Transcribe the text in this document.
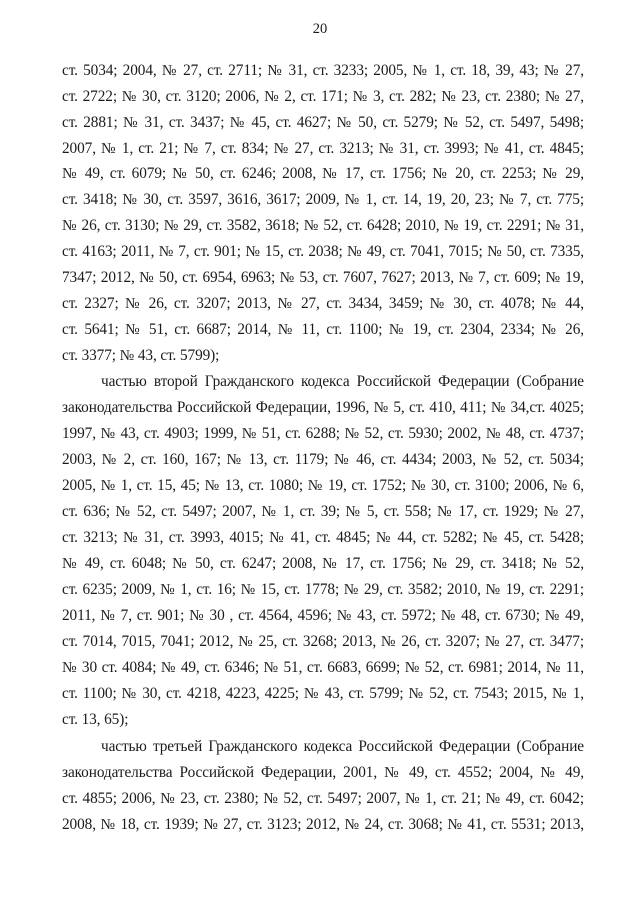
20
ст. 5034; 2004, № 27, ст. 2711; № 31, ст. 3233; 2005, № 1, ст. 18, 39, 43; № 27,
ст. 2722; № 30, ст. 3120; 2006, № 2, ст. 171; № 3, ст. 282; № 23, ст. 2380; № 27,
ст. 2881; № 31, ст. 3437; № 45, ст. 4627; № 50, ст. 5279; № 52, ст. 5497, 5498;
2007, № 1, ст. 21; № 7, ст. 834; № 27, ст. 3213; № 31, ст. 3993; № 41, ст. 4845;
№ 49, ст. 6079; № 50, ст. 6246; 2008, № 17, ст. 1756; № 20, ст. 2253; № 29,
ст. 3418; № 30, ст. 3597, 3616, 3617; 2009, № 1, ст. 14, 19, 20, 23; № 7, ст. 775;
№ 26, ст. 3130; № 29, ст. 3582, 3618; № 52, ст. 6428; 2010, № 19, ст. 2291; № 31,
ст. 4163; 2011, № 7, ст. 901; № 15, ст. 2038; № 49, ст. 7041, 7015; № 50, ст. 7335,
7347; 2012, № 50, ст. 6954, 6963; № 53, ст. 7607, 7627; 2013, № 7, ст. 609; № 19,
ст. 2327; № 26, ст. 3207; 2013, № 27, ст. 3434, 3459; № 30, ст. 4078; № 44,
ст. 5641; № 51, ст. 6687; 2014, № 11, ст. 1100; № 19, ст. 2304, 2334; № 26,
ст. 3377; № 43, ст. 5799);
частью второй Гражданского кодекса Российской Федерации (Собрание
законодательства Российской Федерации, 1996, № 5, ст. 410, 411; № 34,ст. 4025;
1997, № 43, ст. 4903; 1999, № 51, ст. 6288; № 52, ст. 5930; 2002, № 48, ст. 4737;
2003, № 2, ст. 160, 167; № 13, ст. 1179; № 46, ст. 4434; 2003, № 52, ст. 5034;
2005, № 1, ст. 15, 45; № 13, ст. 1080; № 19, ст. 1752; № 30, ст. 3100; 2006, № 6,
ст. 636; № 52, ст. 5497; 2007, № 1, ст. 39; № 5, ст. 558; № 17, ст. 1929; № 27,
ст. 3213; № 31, ст. 3993, 4015; № 41, ст. 4845; № 44, ст. 5282; № 45, ст. 5428;
№ 49, ст. 6048; № 50, ст. 6247; 2008, № 17, ст. 1756; № 29, ст. 3418; № 52,
ст. 6235; 2009, № 1, ст. 16; № 15, ст. 1778; № 29, ст. 3582; 2010, № 19, ст. 2291;
2011, № 7, ст. 901; № 30 , ст. 4564, 4596; № 43, ст. 5972; № 48, ст. 6730; № 49,
ст. 7014, 7015, 7041; 2012, № 25, ст. 3268; 2013, № 26, ст. 3207; № 27, ст. 3477;
№ 30 ст. 4084; № 49, ст. 6346; № 51, ст. 6683, 6699; № 52, ст. 6981; 2014, № 11,
ст. 1100; № 30, ст. 4218, 4223, 4225; № 43, ст. 5799; № 52, ст. 7543; 2015, № 1,
ст. 13, 65);
частью третьей Гражданского кодекса Российской Федерации (Собрание
законодательства Российской Федерации, 2001, № 49, ст. 4552; 2004, № 49,
ст. 4855; 2006, № 23, ст. 2380; № 52, ст. 5497; 2007, № 1, ст. 21; № 49, ст. 6042;
2008, № 18, ст. 1939; № 27, ст. 3123; 2012, № 24, ст. 3068; № 41, ст. 5531; 2013,
